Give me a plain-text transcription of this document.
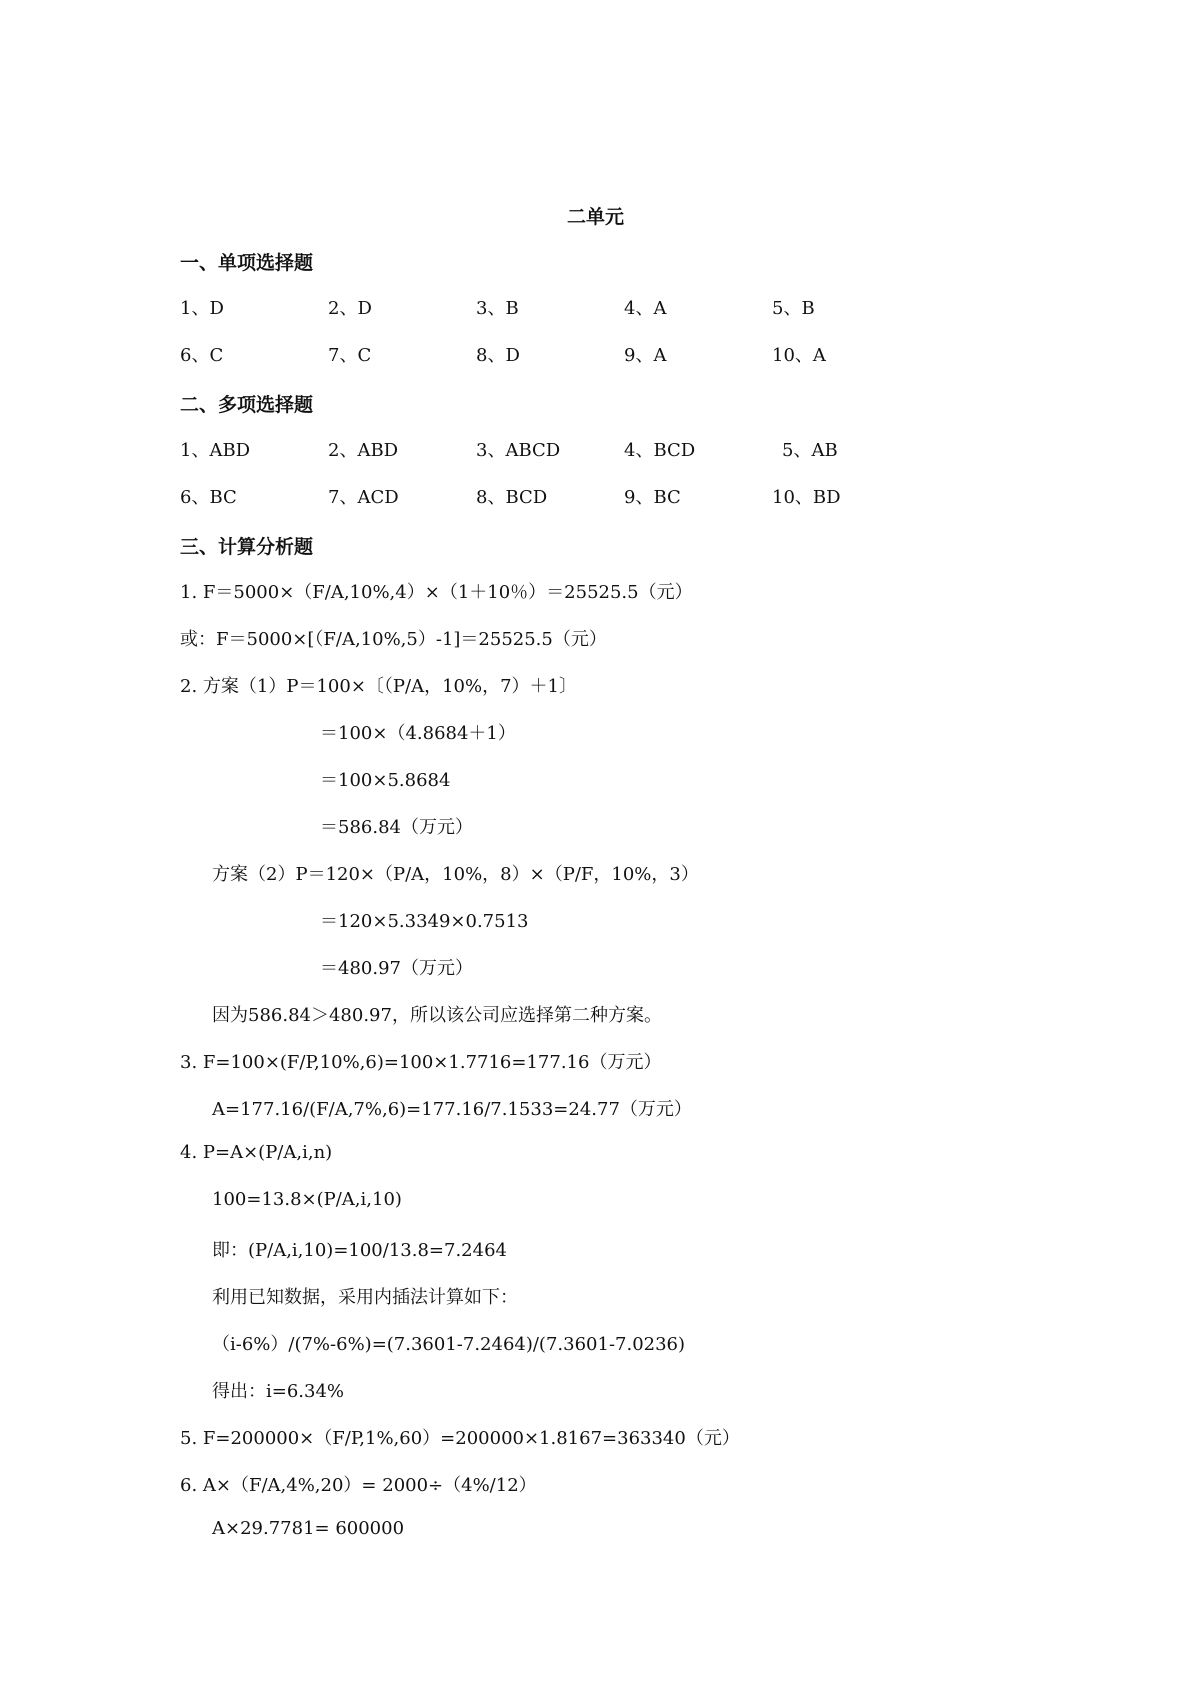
二单元
一、单项选择题
1、D	2、D	3、B	4、A	5、B
6、C	7、C	8、D	9、A	10、A
二、多项选择题
1、ABD	2、ABD	3、ABCD	4、BCD	5、AB
6、BC	7、ACD	8、BCD	9、BC	10、BD
三、计算分析题
1. F＝5000×（F/A,10%,4）×（1＋10％）＝25525.5（元）
或：F＝5000×[（F/A,10%,5）-1]＝25525.5（元）
2. 方案（1）P＝100×〔（P/A，10%，7）＋1〕
＝100×（4.8684＋1）
＝100×5.8684
＝586.84（万元）
方案（2）P＝120×（P/A，10%，8）×（P/F，10%，3）
＝120×5.3349×0.7513
＝480.97（万元）
因为586.84＞480.97，所以该公司应选择第二种方案。
3. F=100×(F/P,10%,6)=100×1.7716=177.16（万元）
A=177.16/(F/A,7%,6)=177.16/7.1533=24.77（万元）
4. P=A×(P/A,i,n)
100=13.8×(P/A,i,10)
即：(P/A,i,10)=100/13.8=7.2464
利用已知数据，采用内插法计算如下：
（i-6%）/(7%-6%)=(7.3601-7.2464)/(7.3601-7.0236)
得出：i=6.34%
5. F=200000×（F/P,1%,60）=200000×1.8167=363340（元）
6. A×（F/A,4%,20）= 2000÷（4%/12）
A×29.7781= 600000
